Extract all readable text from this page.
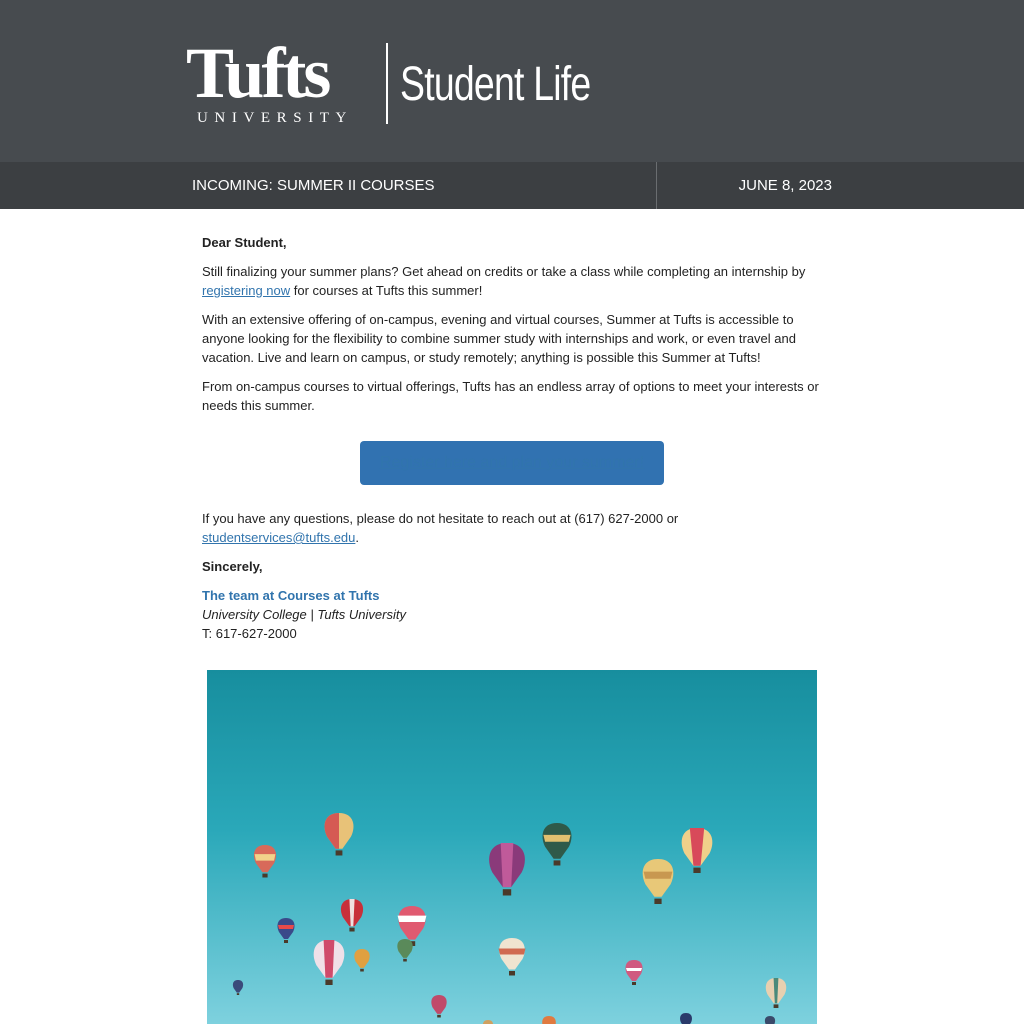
Tufts
UNIVERSITY
Student Life
INCOMING: SUMMER II COURSES	JUNE 8, 2023

Dear Student,

Still finalizing your summer plans? Get ahead on credits or take a class while completing an internship by registering now for courses at Tufts this summer!

With an extensive offering of on-campus, evening and virtual courses, Summer at Tufts is accessible to anyone looking for the flexibility to combine summer study with internships and work, or even travel and vacation. Live and learn on campus, or study remotely; anything is possible this Summer at Tufts!

From on-campus courses to virtual offerings, Tufts has an endless array of options to meet your interests or needs this summer.

Register here and plan your summer!

If you have any questions, please do not hesitate to reach out at (617) 627-2000 or studentservices@tufts.edu.

Sincerely,

The team at Courses at Tufts
University College | Tufts University
T: 617-627-2000
